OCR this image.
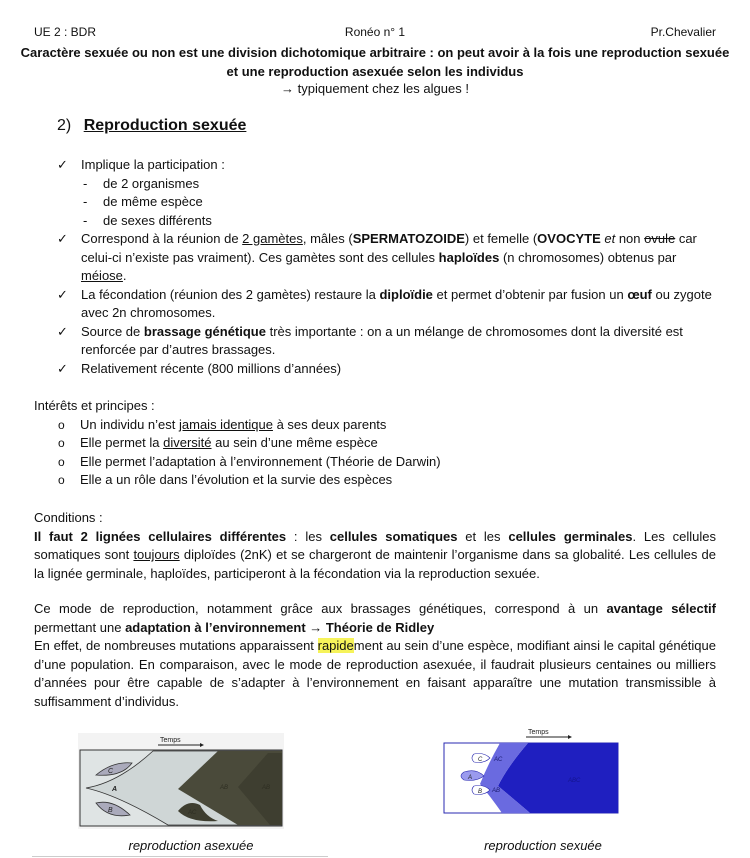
UE 2 : BDR	Ronéo n° 1	Pr.Chevalier
Caractère sexuée ou non est une division dichotomique arbitraire : on peut avoir à la fois une reproduction sexuée et une reproduction asexuée selon les individus
→ typiquement chez les algues !
2) Reproduction sexuée
✓ Implique la participation :
- de 2 organismes
- de même espèce
- de sexes différents
✓ Correspond à la réunion de 2 gamètes, mâles (SPERMATOZOIDE) et femelle (OVOCYTE et non ovule car celui-ci n’existe pas vraiment). Ces gamètes sont des cellules haploïdes (n chromosomes) obtenus par méiose.
✓ La fécondation (réunion des 2 gamètes) restaure la diploïdie et permet d’obtenir par fusion un œuf ou zygote avec 2n chromosomes.
✓ Source de brassage génétique très importante : on a un mélange de chromosomes dont la diversité est renforcée par d’autres brassages.
✓ Relativement récente (800 millions d’années)
Intérêts et principes :
o Un individu n’est jamais identique à ses deux parents
o Elle permet la diversité au sein d’une même espèce
o Elle permet l’adaptation à l’environnement (Théorie de Darwin)
o Elle a un rôle dans l’évolution et la survie des espèces
Conditions :
Il faut 2 lignées cellulaires différentes : les cellules somatiques et les cellules germinales. Les cellules somatiques sont toujours diploïdes (2nK) et se chargeront de maintenir l’organisme dans sa globalité. Les cellules de la lignée germinale, haploïdes, participeront à la fécondation via la reproduction sexuée.
Ce mode de reproduction, notamment grâce aux brassages génétiques, correspond à un avantage sélectif permettant une adaptation à l’environnement → Théorie de Ridley
En effet, de nombreuses mutations apparaissent rapidement au sein d’une espèce, modifiant ainsi le capital génétique d’une population. En comparaison, avec le mode de reproduction asexuée, il faudrait plusieurs centaines ou milliers d’années pour être capable de s’adapter à l’environnement en faisant apparaître une mutation transmissible à suffisamment d’individus.
Temps
C
A
B
AB
AC
AB
reproduction asexuée
Temps
C
A
B
AC
AB
ABC
reproduction sexuée
